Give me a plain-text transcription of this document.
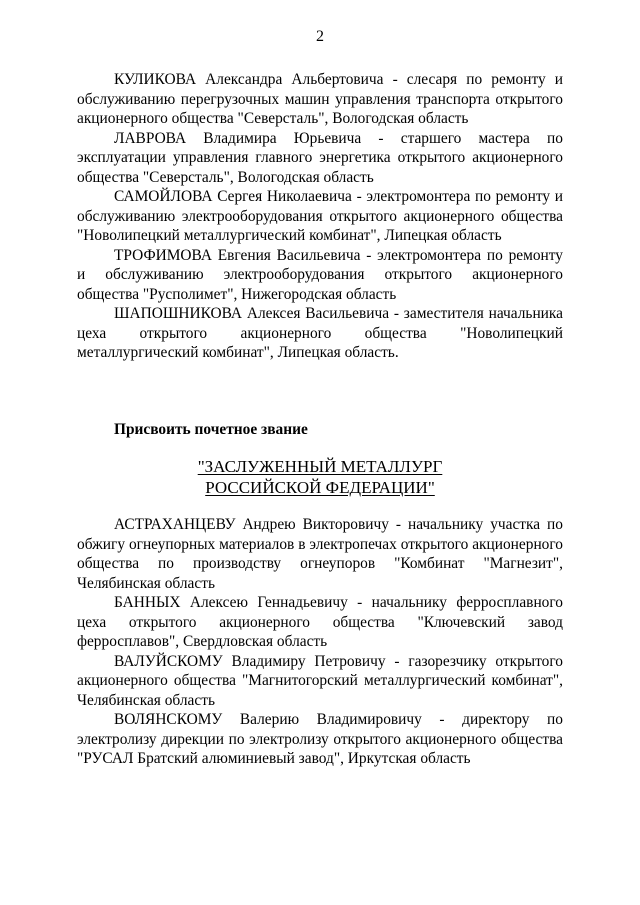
2

КУЛИКОВА Александра Альбертовича - слесаря по ремонту и обслуживанию перегрузочных машин управления транспорта открытого акционерного общества "Северсталь", Вологодская область

ЛАВРОВА Владимира Юрьевича - старшего мастера по эксплуатации управления главного энергетика открытого акционерного общества "Северсталь", Вологодская область

САМОЙЛОВА Сергея Николаевича - электромонтера по ремонту и обслуживанию электрооборудования открытого акционерного общества "Новолипецкий металлургический комбинат", Липецкая область

ТРОФИМОВА Евгения Васильевича - электромонтера по ремонту и обслуживанию электрооборудования открытого акционерного общества "Русполимет", Нижегородская область

ШАПОШНИКОВА Алексея Васильевича - заместителя начальника цеха открытого акционерного общества "Новолипецкий металлургический комбинат", Липецкая область.

Присвоить почетное звание

"ЗАСЛУЖЕННЫЙ МЕТАЛЛУРГ
РОССИЙСКОЙ ФЕДЕРАЦИИ"

АСТРАХАНЦЕВУ Андрею Викторовичу - начальнику участка по обжигу огнеупорных материалов в электропечах открытого акционерного общества по производству огнеупоров "Комбинат "Магнезит", Челябинская область

БАННЫХ Алексею Геннадьевичу - начальнику ферросплавного цеха открытого акционерного общества "Ключевский завод ферросплавов", Свердловская область

ВАЛУЙСКОМУ Владимиру Петровичу - газорезчику открытого акционерного общества "Магнитогорский металлургический комбинат", Челябинская область

ВОЛЯНСКОМУ Валерию Владимировичу - директору по электролизу дирекции по электролизу открытого акционерного общества "РУСАЛ Братский алюминиевый завод", Иркутская область
